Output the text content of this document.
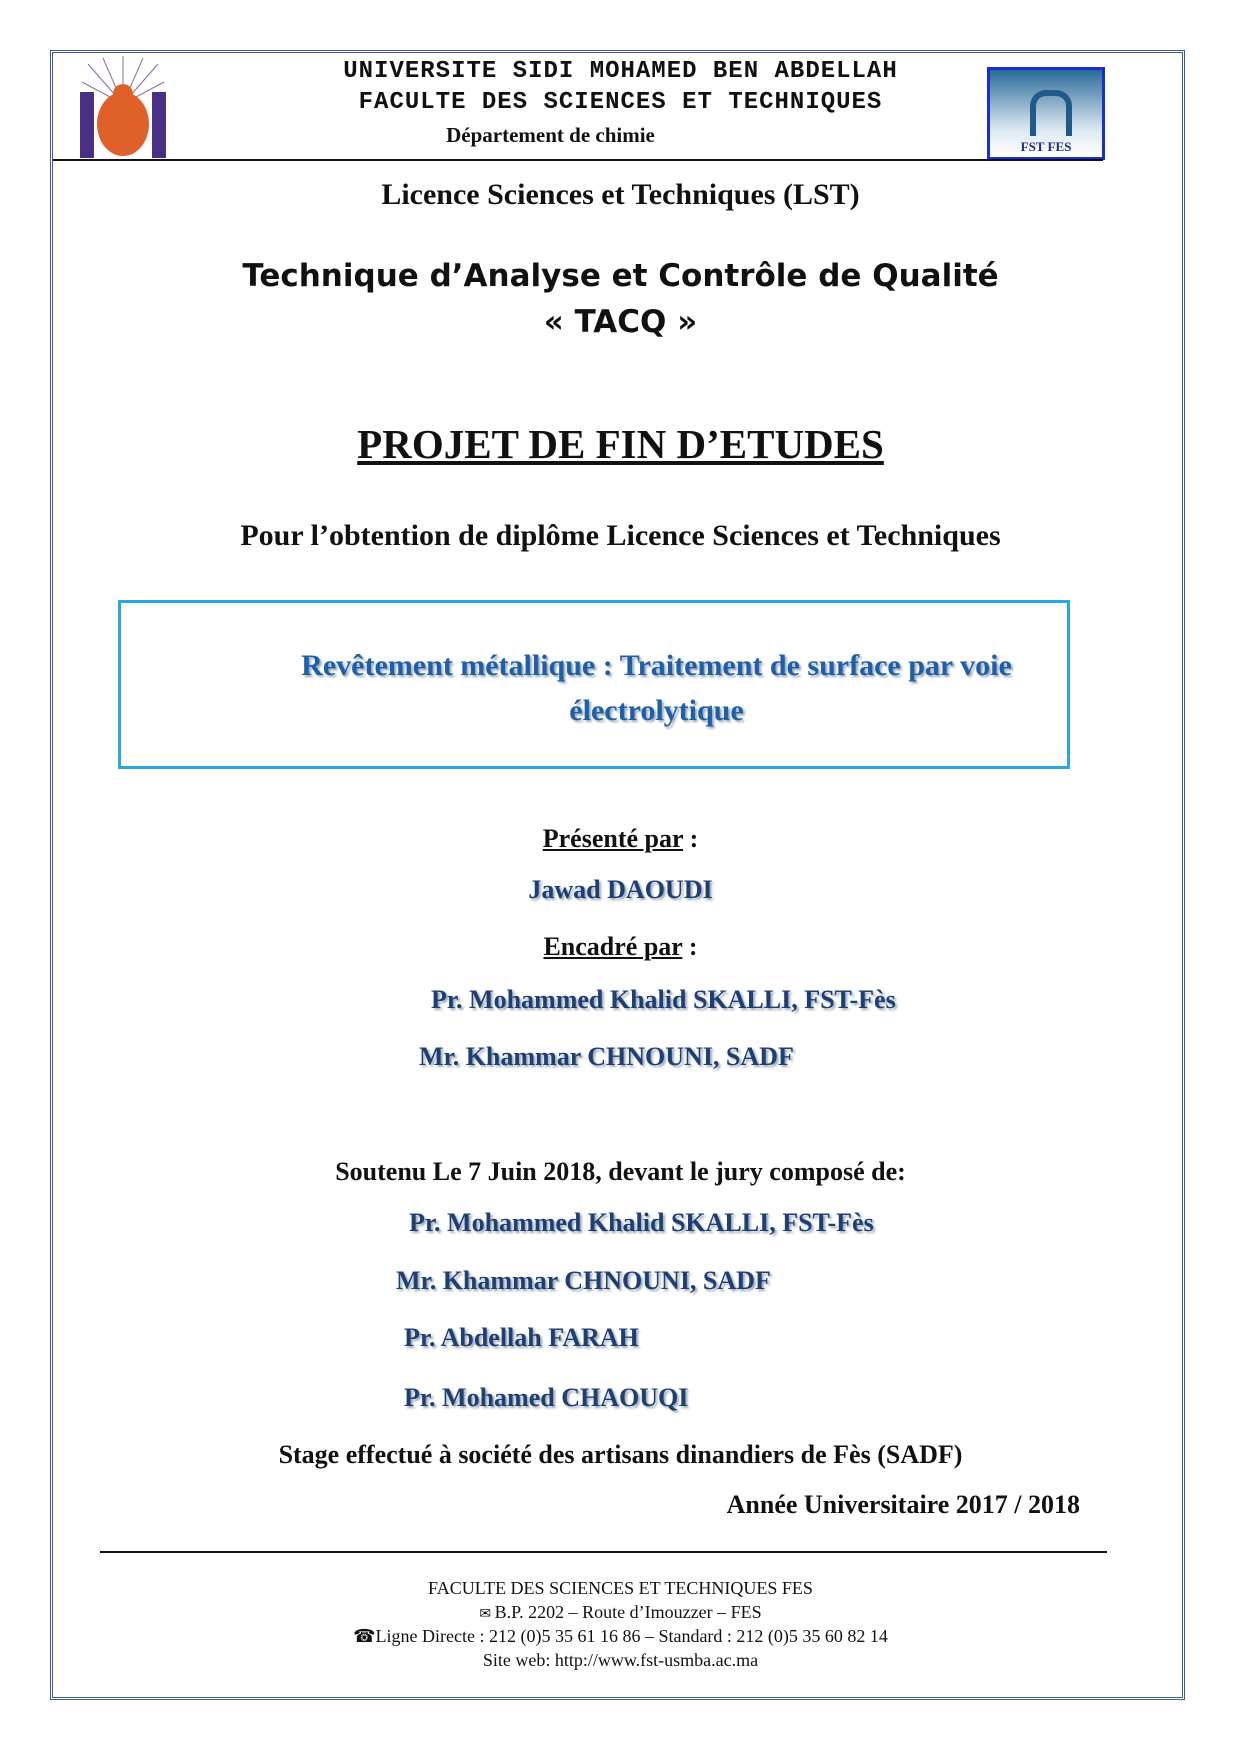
UNIVERSITE SIDI MOHAMED BEN ABDELLAH
FACULTE DES SCIENCES ET TECHNIQUES
Département de chimie	FST FES
Licence Sciences et Techniques (LST)
Technique d’Analyse et Contrôle de Qualité
« TACQ »
PROJET DE FIN D’ETUDES
Pour l’obtention de diplôme Licence Sciences et Techniques
Revêtement métallique : Traitement de surface par voie
électrolytique
Présenté par :
Jawad DAOUDI
Encadré par :
Pr. Mohammed Khalid SKALLI, FST-Fès
Mr. Khammar CHNOUNI, SADF
Soutenu Le 7 Juin 2018, devant le jury composé de:
Pr. Mohammed Khalid SKALLI, FST-Fès
Mr. Khammar CHNOUNI, SADF
Pr. Abdellah FARAH
Pr. Mohamed CHAOUQI
Stage effectué à société des artisans dinandiers de Fès (SADF)
Année Universitaire 2017 / 2018
FACULTE DES SCIENCES ET TECHNIQUES FES
✉ B.P. 2202 – Route d’Imouzzer – FES
☎Ligne Directe : 212 (0)5 35 61 16 86 – Standard : 212 (0)5 35 60 82 14
Site web: http://www.fst-usmba.ac.ma
